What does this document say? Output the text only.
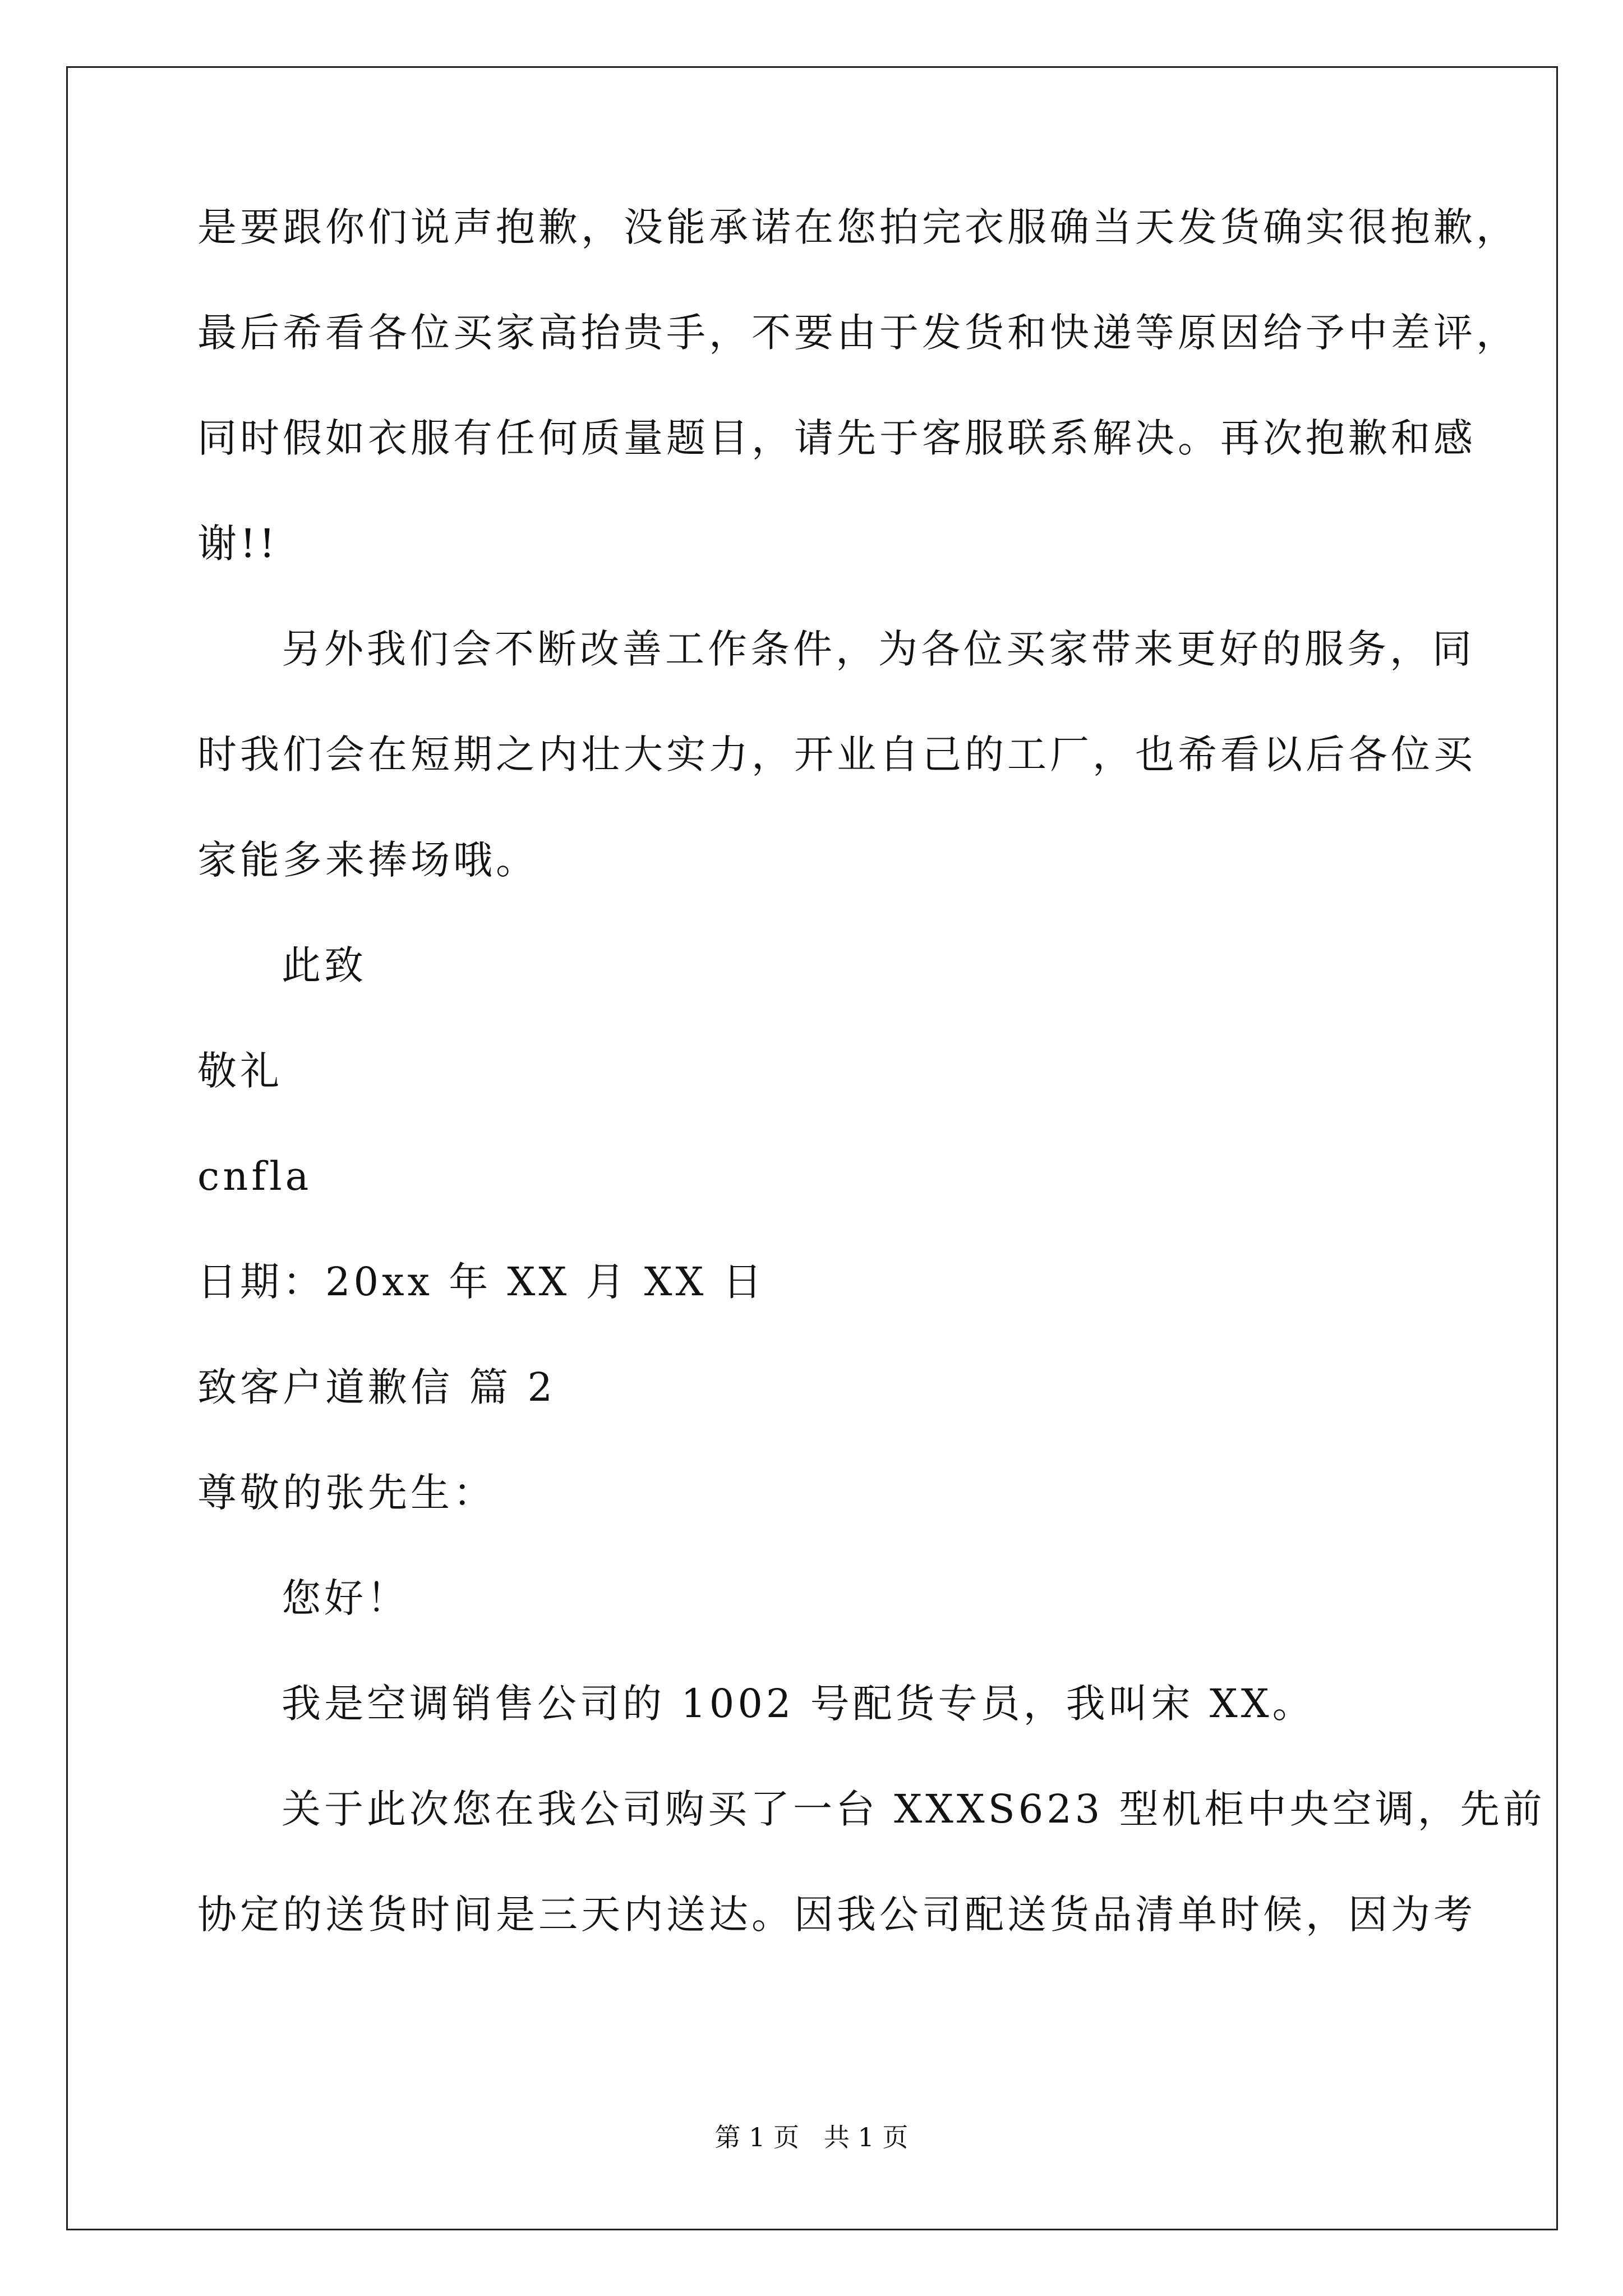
是要跟你们说声抱歉，没能承诺在您拍完衣服确当天发货确实很抱歉，
最后希看各位买家高抬贵手，不要由于发货和快递等原因给予中差评，
同时假如衣服有任何质量题目，请先于客服联系解决。再次抱歉和感
谢!!
另外我们会不断改善工作条件，为各位买家带来更好的服务，同
时我们会在短期之内壮大实力，开业自己的工厂，也希看以后各位买
家能多来捧场哦。
此致
敬礼
cnfla
日期：20xx 年 XX 月 XX 日
致客户道歉信 篇 2
尊敬的张先生：
您好！
我是空调销售公司的 1002 号配货专员，我叫宋 XX。
关于此次您在我公司购买了一台 XXXS623 型机柜中央空调，先前
协定的送货时间是三天内送达。因我公司配送货品清单时候，因为考
第 1 页   共 1 页
